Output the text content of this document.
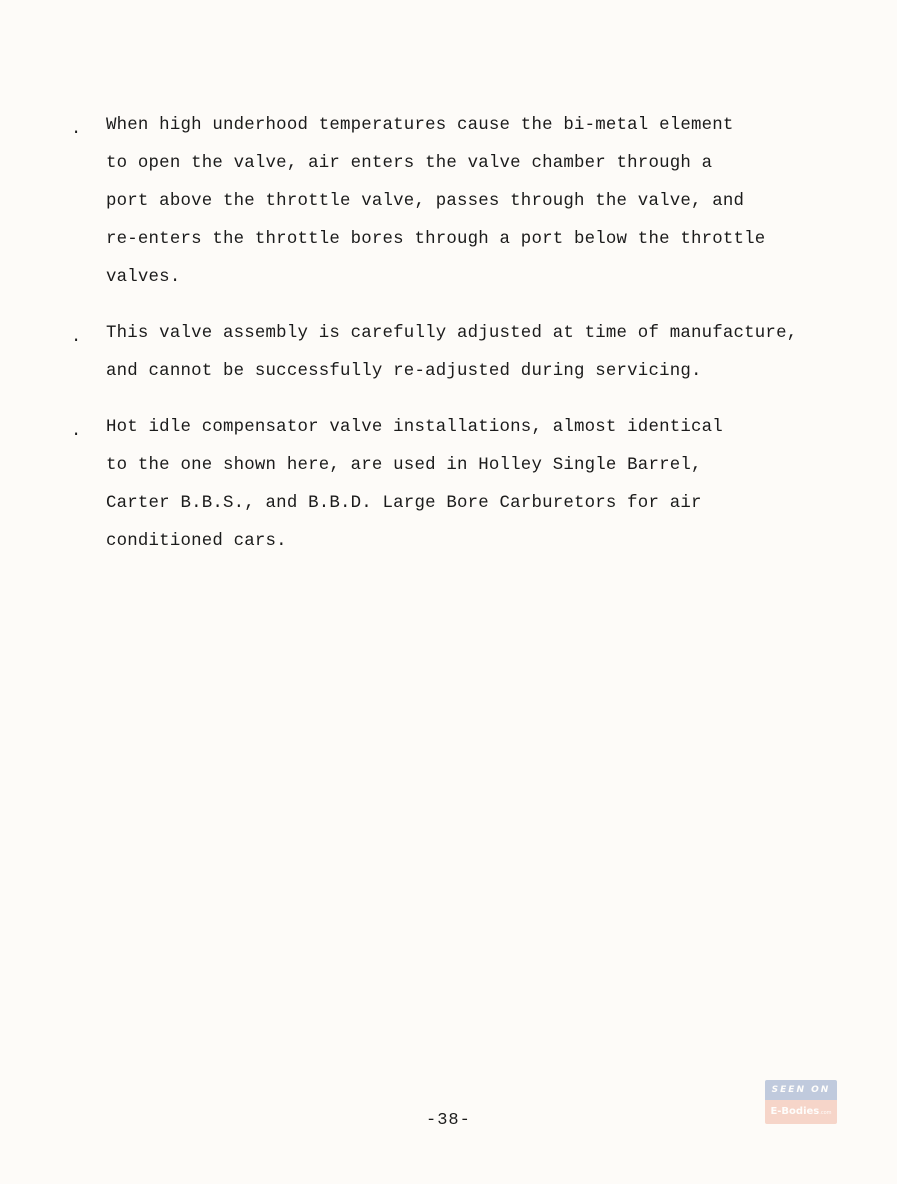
. When high underhood temperatures cause the bi-metal element
to open the valve, air enters the valve chamber through a
port above the throttle valve, passes through the valve, and
re-enters the throttle bores through a port below the throttle
valves.
. This valve assembly is carefully adjusted at time of manufacture,
and cannot be successfully re-adjusted during servicing.
. Hot idle compensator valve installations, almost identical
to the one shown here, are used in Holley Single Barrel,
Carter B.B.S., and B.B.D. Large Bore Carburetors for air
conditioned cars.
-38-
SEEN ON
E-Bodies.com
